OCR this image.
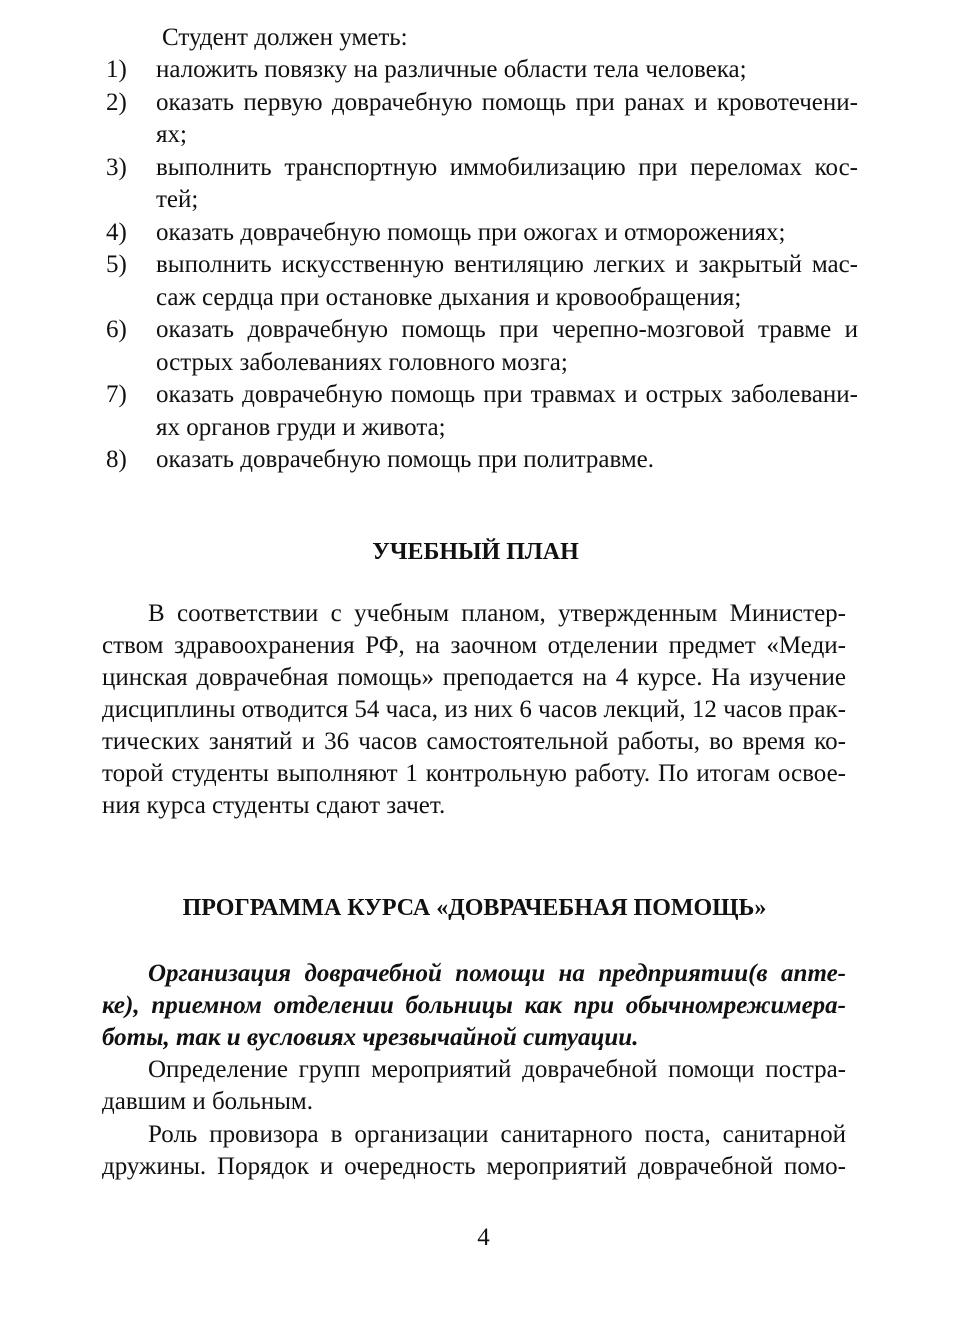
Студент должен уметь:
1)	наложить повязку на различные области тела человека;
2)	оказать первую доврачебную помощь при ранах и кровотечени-
ях;
3)	выполнить транспортную иммобилизацию при переломах кос-
тей;
4)	оказать доврачебную помощь при ожогах и отморожениях;
5)	выполнить искусственную вентиляцию легких и закрытый мас-
саж сердца при остановке дыхания и кровообращения;
6)	оказать доврачебную помощь при черепно-мозговой травме и
острых заболеваниях головного мозга;
7)	оказать доврачебную помощь при травмах и острых заболевани-
ях органов груди и живота;
8)	оказать доврачебную помощь при политравме.
УЧЕБНЫЙ ПЛАН
В соответствии с учебным планом, утвержденным Министер-
ством здравоохранения РФ, на заочном отделении предмет «Меди-
цинская доврачебная помощь» преподается на 4 курсе. На изучение
дисциплины отводится 54 часа, из них 6 часов лекций, 12 часов прак-
тических занятий и 36 часов самостоятельной работы, во время ко-
торой студенты выполняют 1 контрольную работу. По итогам освое-
ния курса студенты сдают зачет.
ПРОГРАММА КУРСА «ДОВРАЧЕБНАЯ ПОМОЩЬ»
Организация доврачебной помощи на предприятии(в апте-
ке), приемном отделении больницы как при обычномрежимера-
боты, так и вусловиях чрезвычайной ситуации.
Определение групп мероприятий доврачебной помощи постра-
давшим и больным.
Роль провизора в организации санитарного поста, санитарной
дружины. Порядок и очередность мероприятий доврачебной помо-
4
